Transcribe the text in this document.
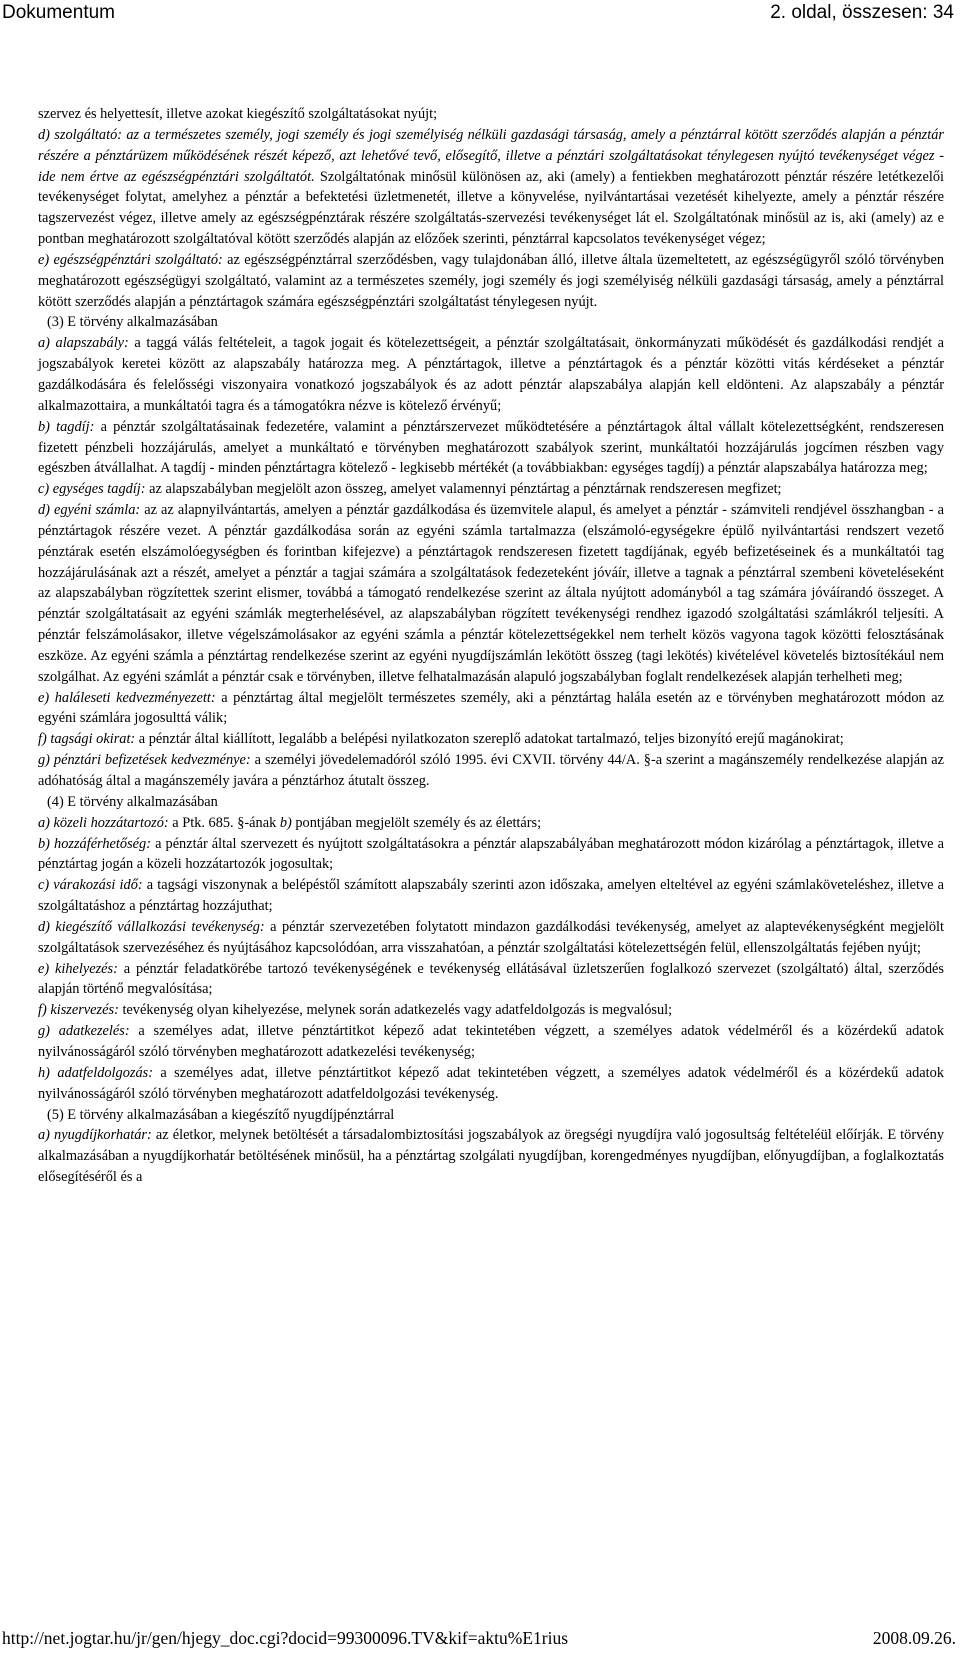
Dokumentum	2. oldal, összesen: 34

szervez és helyettesít, illetve azokat kiegészítő szolgáltatásokat nyújt;

d) szolgáltató: az a természetes személy, jogi személy és jogi személyiség nélküli gazdasági társaság, amely a pénztárral kötött szerződés alapján a pénztár részére a pénztárüzem működésének részét képező, azt lehetővé tevő, elősegítő, illetve a pénztári szolgáltatásokat ténylegesen nyújtó tevékenységet végez - ide nem értve az egészségpénztári szolgáltatót. Szolgáltatónak minősül különösen az, aki (amely) a fentiekben meghatározott pénztár részére letétkezelői tevékenységet folytat, amelyhez a pénztár a befektetési üzletmenetét, illetve a könyvelése, nyilvántartásai vezetését kihelyezte, amely a pénztár részére tagszervezést végez, illetve amely az egészségpénztárak részére szolgáltatás-szervezési tevékenységet lát el. Szolgáltatónak minősül az is, aki (amely) az e pontban meghatározott szolgáltatóval kötött szerződés alapján az előzőek szerinti, pénztárral kapcsolatos tevékenységet végez;

e) egészségpénztári szolgáltató: az egészségpénztárral szerződésben, vagy tulajdonában álló, illetve általa üzemeltetett, az egészségügyről szóló törvényben meghatározott egészségügyi szolgáltató, valamint az a természetes személy, jogi személy és jogi személyiség nélküli gazdasági társaság, amely a pénztárral kötött szerződés alapján a pénztártagok számára egészségpénztári szolgáltatást ténylegesen nyújt.

(3) E törvény alkalmazásában

a) alapszabály: a taggá válás feltételeit, a tagok jogait és kötelezettségeit, a pénztár szolgáltatásait, önkormányzati működését és gazdálkodási rendjét a jogszabályok keretei között az alapszabály határozza meg. A pénztártagok, illetve a pénztártagok és a pénztár közötti vitás kérdéseket a pénztár gazdálkodására és felelősségi viszonyaira vonatkozó jogszabályok és az adott pénztár alapszabálya alapján kell eldönteni. Az alapszabály a pénztár alkalmazottaira, a munkáltatói tagra és a támogatókra nézve is kötelező érvényű;

b) tagdíj: a pénztár szolgáltatásainak fedezetére, valamint a pénztárszervezet működtetésére a pénztártagok által vállalt kötelezettségként, rendszeresen fizetett pénzbeli hozzájárulás, amelyet a munkáltató e törvényben meghatározott szabályok szerint, munkáltatói hozzájárulás jogcímen részben vagy egészben átvállalhat. A tagdíj - minden pénztártagra kötelező - legkisebb mértékét (a továbbiakban: egységes tagdíj) a pénztár alapszabálya határozza meg;

c) egységes tagdíj: az alapszabályban megjelölt azon összeg, amelyet valamennyi pénztártag a pénztárnak rendszeresen megfizet;

d) egyéni számla: az az alapnyilvántartás, amelyen a pénztár gazdálkodása és üzemvitele alapul, és amelyet a pénztár - számviteli rendjével összhangban - a pénztártagok részére vezet. A pénztár gazdálkodása során az egyéni számla tartalmazza (elszámoló-egységekre épülő nyilvántartási rendszert vezető pénztárak esetén elszámolóegységben és forintban kifejezve) a pénztártagok rendszeresen fizetett tagdíjának, egyéb befizetéseinek és a munkáltatói tag hozzájárulásának azt a részét, amelyet a pénztár a tagjai számára a szolgáltatások fedezeteként jóváír, illetve a tagnak a pénztárral szembeni követeléseként az alapszabályban rögzítettek szerint elismer, továbbá a támogató rendelkezése szerint az általa nyújtott adományból a tag számára jóváírandó összeget. A pénztár szolgáltatásait az egyéni számlák megterhelésével, az alapszabályban rögzített tevékenységi rendhez igazodó szolgáltatási számlákról teljesíti. A pénztár felszámolásakor, illetve végelszámolásakor az egyéni számla a pénztár kötelezettségekkel nem terhelt közös vagyona tagok közötti felosztásának eszköze. Az egyéni számla a pénztártag rendelkezése szerint az egyéni nyugdíjszámlán lekötött összeg (tagi lekötés) kivételével követelés biztosítékául nem szolgálhat. Az egyéni számlát a pénztár csak e törvényben, illetve felhatalmazásán alapuló jogszabályban foglalt rendelkezések alapján terhelheti meg;

e) haláleseti kedvezményezett: a pénztártag által megjelölt természetes személy, aki a pénztártag halála esetén az e törvényben meghatározott módon az egyéni számlára jogosulttá válik;

f) tagsági okirat: a pénztár által kiállított, legalább a belépési nyilatkozaton szereplő adatokat tartalmazó, teljes bizonyító erejű magánokirat;

g) pénztári befizetések kedvezménye: a személyi jövedelemadóról szóló 1995. évi CXVII. törvény 44/A. §-a szerint a magánszemély rendelkezése alapján az adóhatóság által a magánszemély javára a pénztárhoz átutalt összeg.

(4) E törvény alkalmazásában

a) közeli hozzátartozó: a Ptk. 685. §-ának b) pontjában megjelölt személy és az élettárs;

b) hozzáférhetőség: a pénztár által szervezett és nyújtott szolgáltatásokra a pénztár alapszabályában meghatározott módon kizárólag a pénztártagok, illetve a pénztártag jogán a közeli hozzátartozók jogosultak;

c) várakozási idő: a tagsági viszonynak a belépéstől számított alapszabály szerinti azon időszaka, amelyen elteltével az egyéni számlaköveteléshez, illetve a szolgáltatáshoz a pénztártag hozzájuthat;

d) kiegészítő vállalkozási tevékenység: a pénztár szervezetében folytatott mindazon gazdálkodási tevékenység, amelyet az alaptevékenységként megjelölt szolgáltatások szervezéséhez és nyújtásához kapcsolódóan, arra visszahatóan, a pénztár szolgáltatási kötelezettségén felül, ellenszolgáltatás fejében nyújt;

e) kihelyezés: a pénztár feladatkörébe tartozó tevékenységének e tevékenység ellátásával üzletszerűen foglalkozó szervezet (szolgáltató) által, szerződés alapján történő megvalósítása;

f) kiszervezés: tevékenység olyan kihelyezése, melynek során adatkezelés vagy adatfeldolgozás is megvalósul;

g) adatkezelés: a személyes adat, illetve pénztártitkot képező adat tekintetében végzett, a személyes adatok védelméről és a közérdekű adatok nyilvánosságáról szóló törvényben meghatározott adatkezelési tevékenység;

h) adatfeldolgozás: a személyes adat, illetve pénztártitkot képező adat tekintetében végzett, a személyes adatok védelméről és a közérdekű adatok nyilvánosságáról szóló törvényben meghatározott adatfeldolgozási tevékenység.

(5) E törvény alkalmazásában a kiegészítő nyugdíjpénztárral

a) nyugdíjkorhatár: az életkor, melynek betöltését a társadalombiztosítási jogszabályok az öregségi nyugdíjra való jogosultság feltételéül előírják. E törvény alkalmazásában a nyugdíjkorhatár betöltésének minősül, ha a pénztártag szolgálati nyugdíjban, korengedményes nyugdíjban, előnyugdíjban, a foglalkoztatás elősegítéséről és a

http://net.jogtar.hu/jr/gen/hjegy_doc.cgi?docid=99300096.TV&kif=aktu%E1rius	2008.09.26.
